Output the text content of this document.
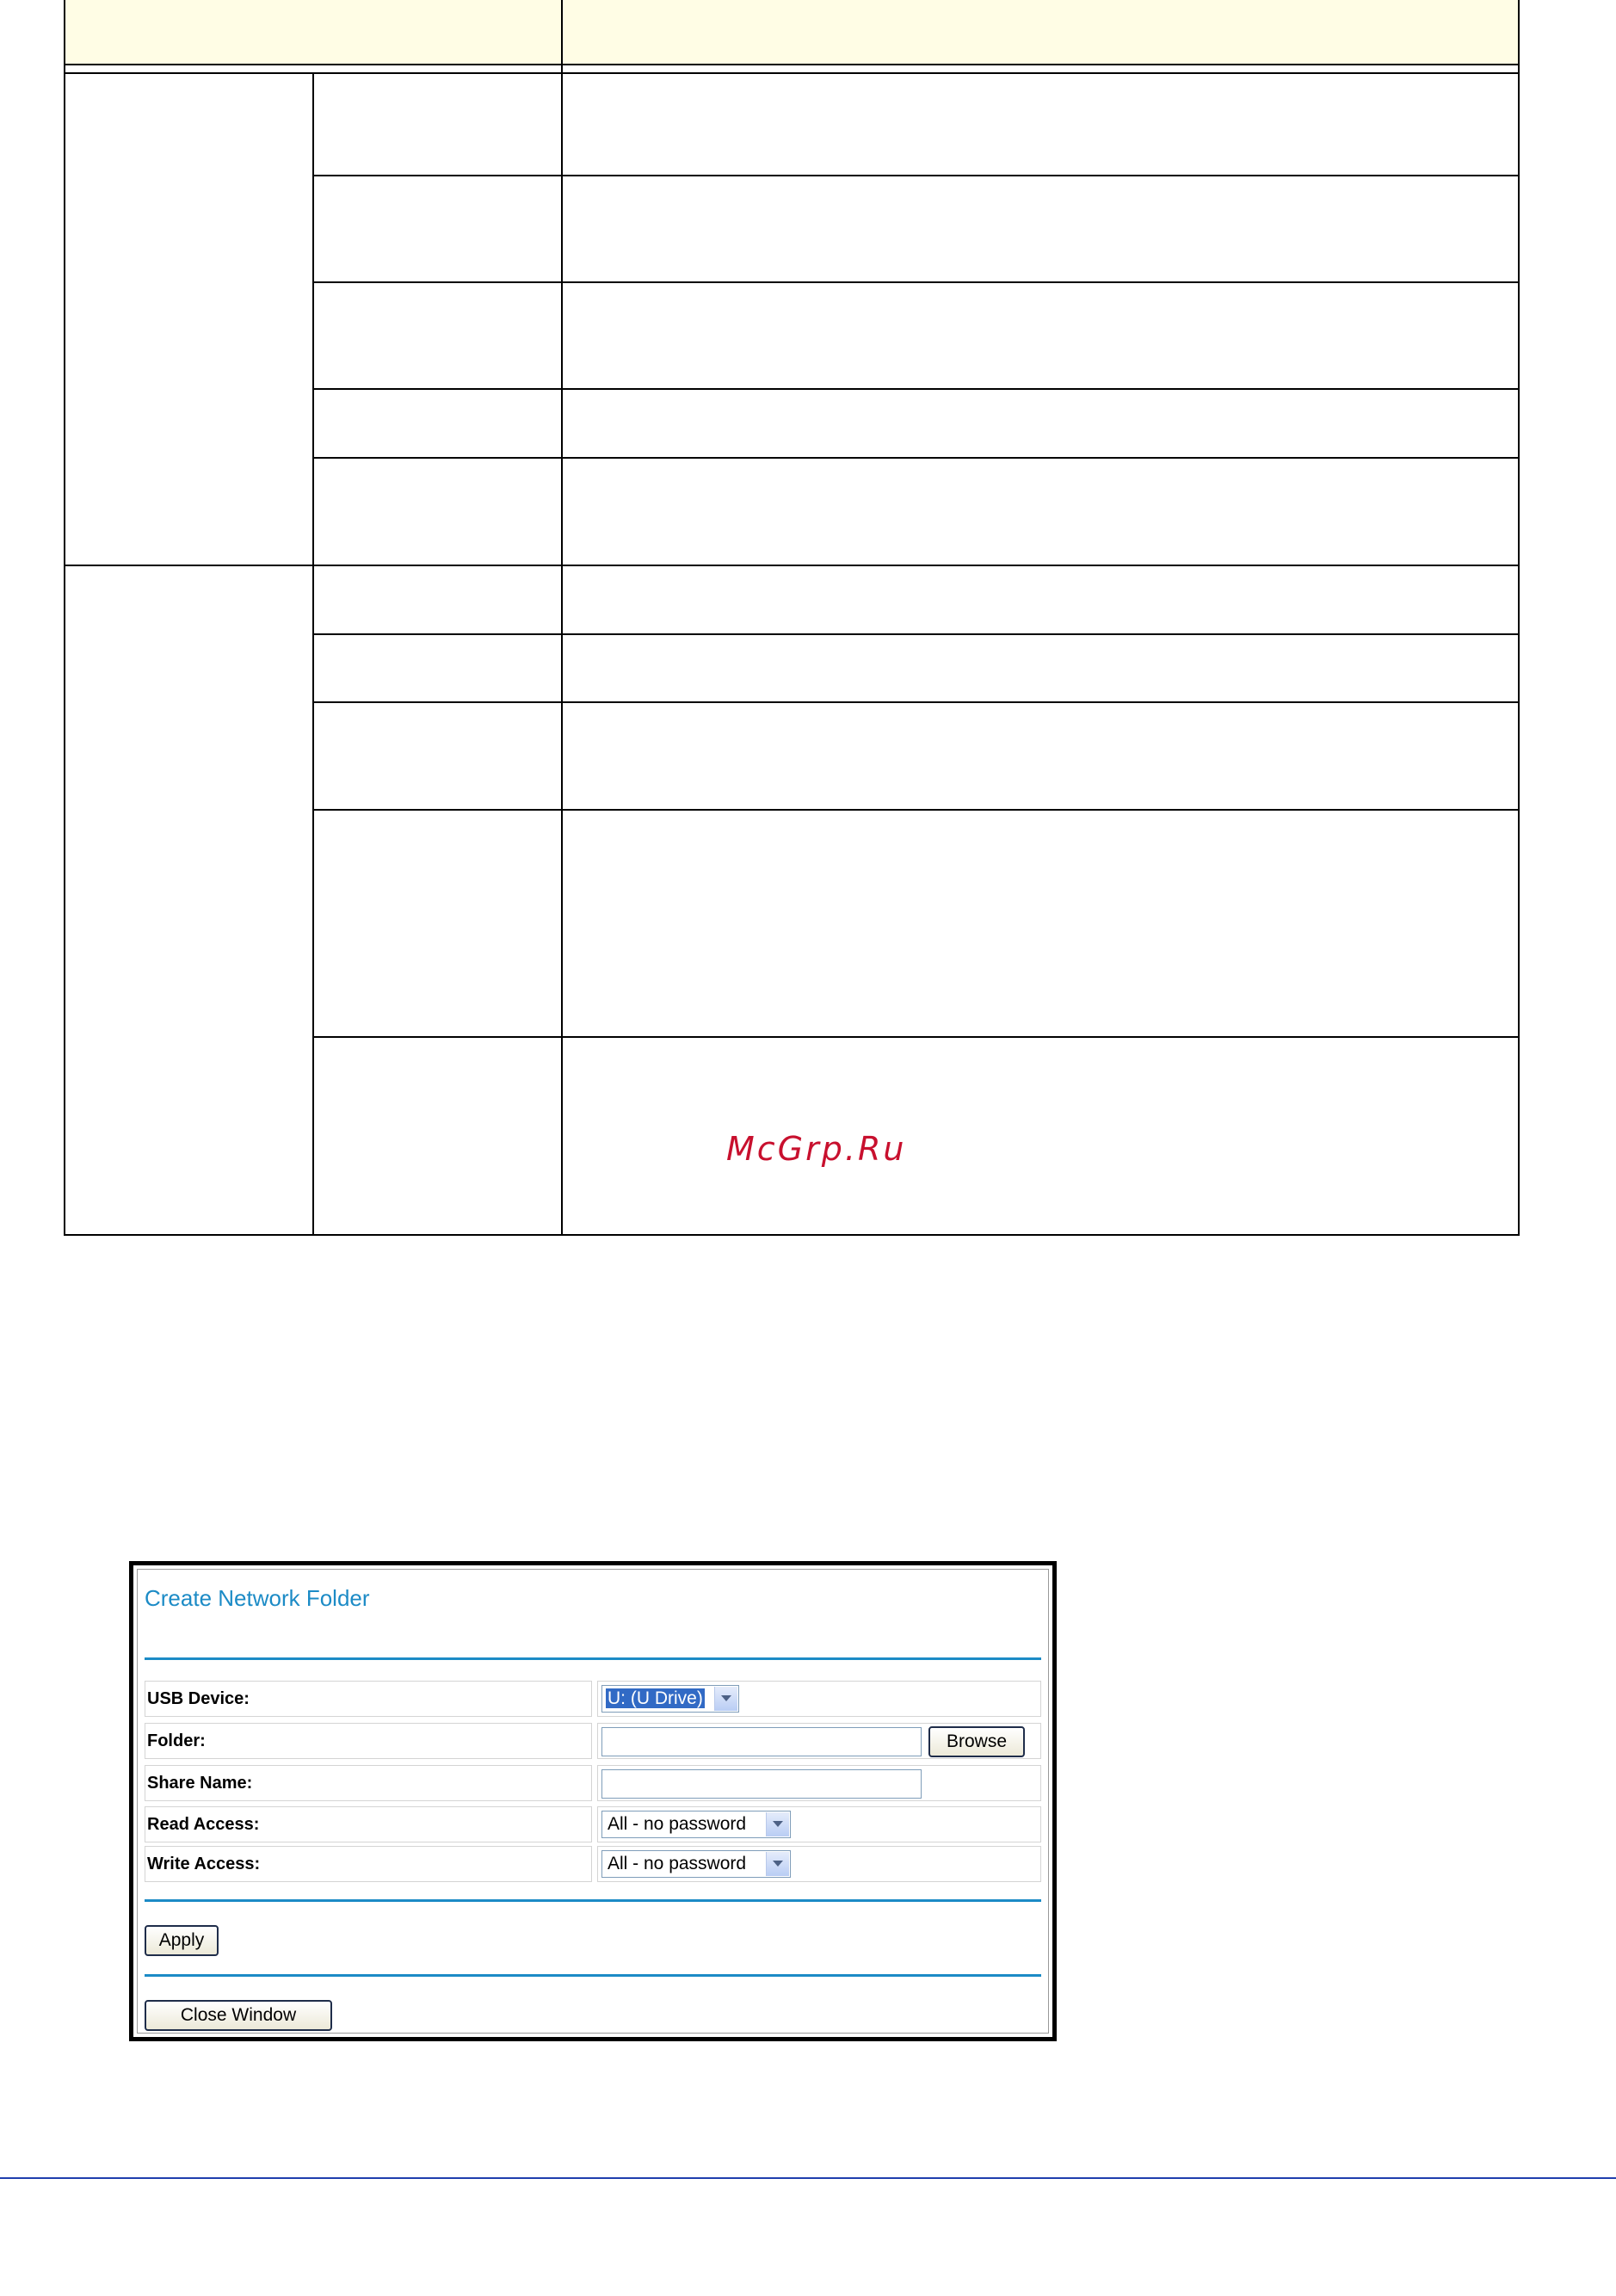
McGrp.Ru
Create Network Folder
USB Device:	U: (U Drive)
Folder:	Browse
Share Name:
Read Access:	All - no password
Write Access:	All - no password
Apply
Close Window
